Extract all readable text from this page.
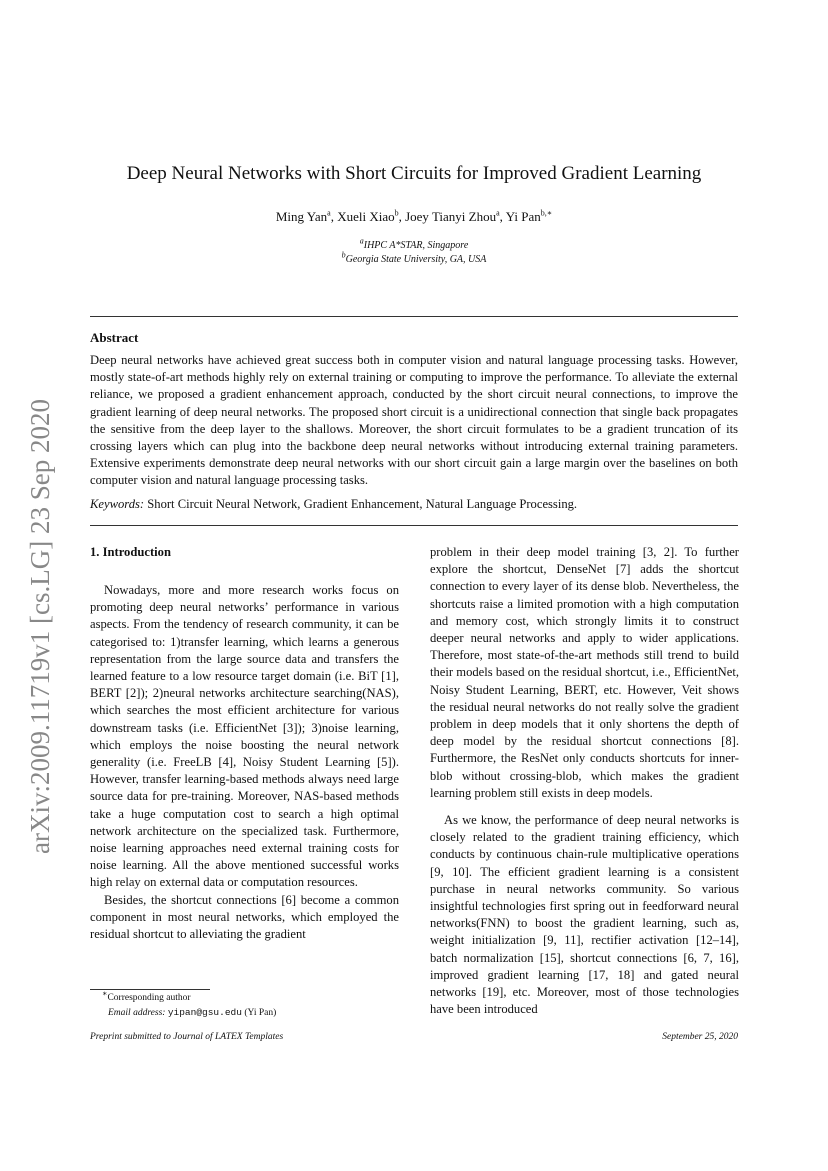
arXiv:2009.11719v1 [cs.LG] 23 Sep 2020
Deep Neural Networks with Short Circuits for Improved Gradient Learning
Ming Yan$^a$, Xueli Xiao$^b$, Joey Tianyi Zhou$^a$, Yi Pan$^{b,∗}$
$^a$IHPC A*STAR, Singapore
$^b$Georgia State University, GA, USA
Abstract
Deep neural networks have achieved great success both in computer vision and natural language processing tasks. However, mostly state-of-art methods highly rely on external training or computing to improve the performance. To alleviate the external reliance, we proposed a gradient enhancement approach, conducted by the short circuit neural connections, to improve the gradient learning of deep neural networks. The proposed short circuit is a unidirectional connection that single back propagates the sensitive from the deep layer to the shallows. Moreover, the short circuit formulates to be a gradient truncation of its crossing layers which can plug into the backbone deep neural networks without introducing external training parameters. Extensive experiments demonstrate deep neural networks with our short circuit gain a large margin over the baselines on both computer vision and natural language processing tasks.
Keywords: Short Circuit Neural Network, Gradient Enhancement, Natural Language Processing.
1. Introduction

Nowadays, more and more research works focus on promoting deep neural networks’ performance in various aspects. From the tendency of research community, it can be categorised to: 1)transfer learning, which learns a generous representation from the large source data and transfers the learned feature to a low resource target domain (i.e. BiT [1], BERT [2]); 2)neural networks architecture searching(NAS), which searches the most efficient architecture for various downstream tasks (i.e. EfficientNet [3]); 3)noise learning, which employs the noise boosting the neural network generality (i.e. FreeLB [4], Noisy Student Learning [5]). However, transfer learning-based methods always need large source data for pre-training. Moreover, NAS-based methods take a huge computation cost to search a high optimal network architecture on the specialized task. Furthermore, noise learning approaches need external training costs for noise learning. All the above mentioned successful works high relay on external data or computation resources.

Besides, the shortcut connections [6] become a common component in most neural networks, which employed the residual shortcut to alleviating the gradient

problem in their deep model training [3, 2]. To further explore the shortcut, DenseNet [7] adds the shortcut connection to every layer of its dense blob. Nevertheless, the shortcuts raise a limited promotion with a high computation and memory cost, which strongly limits it to construct deeper neural networks and apply to wider applications. Therefore, most state-of-the-art methods still trend to build their models based on the residual shortcut, i.e., EfficientNet, Noisy Student Learning, BERT, etc. However, Veit shows the residual neural networks do not really solve the gradient problem in deep models that it only shortens the depth of deep model by the residual shortcut connections [8]. Furthermore, the ResNet only conducts shortcuts for inner-blob without crossing-blob, which makes the gradient learning problem still exists in deep models.

As we know, the performance of deep neural networks is closely related to the gradient training efficiency, which conducts by continuous chain-rule multiplicative operations [9, 10]. The efficient gradient learning is a consistent purchase in neural networks community. So various insightful technologies first spring out in feedforward neural networks(FNN) to boost the gradient learning, such as, weight initialization [9, 11], rectifier activation [12–14], batch normalization [15], shortcut connections [6, 7, 16], improved gradient learning [17, 18] and gated neural networks [19], etc. Moreover, most of those technologies have been introduced

∗Corresponding author
Email address: yipan@gsu.edu (Yi Pan)
Preprint submitted to Journal of LATEX Templates	September 25, 2020
